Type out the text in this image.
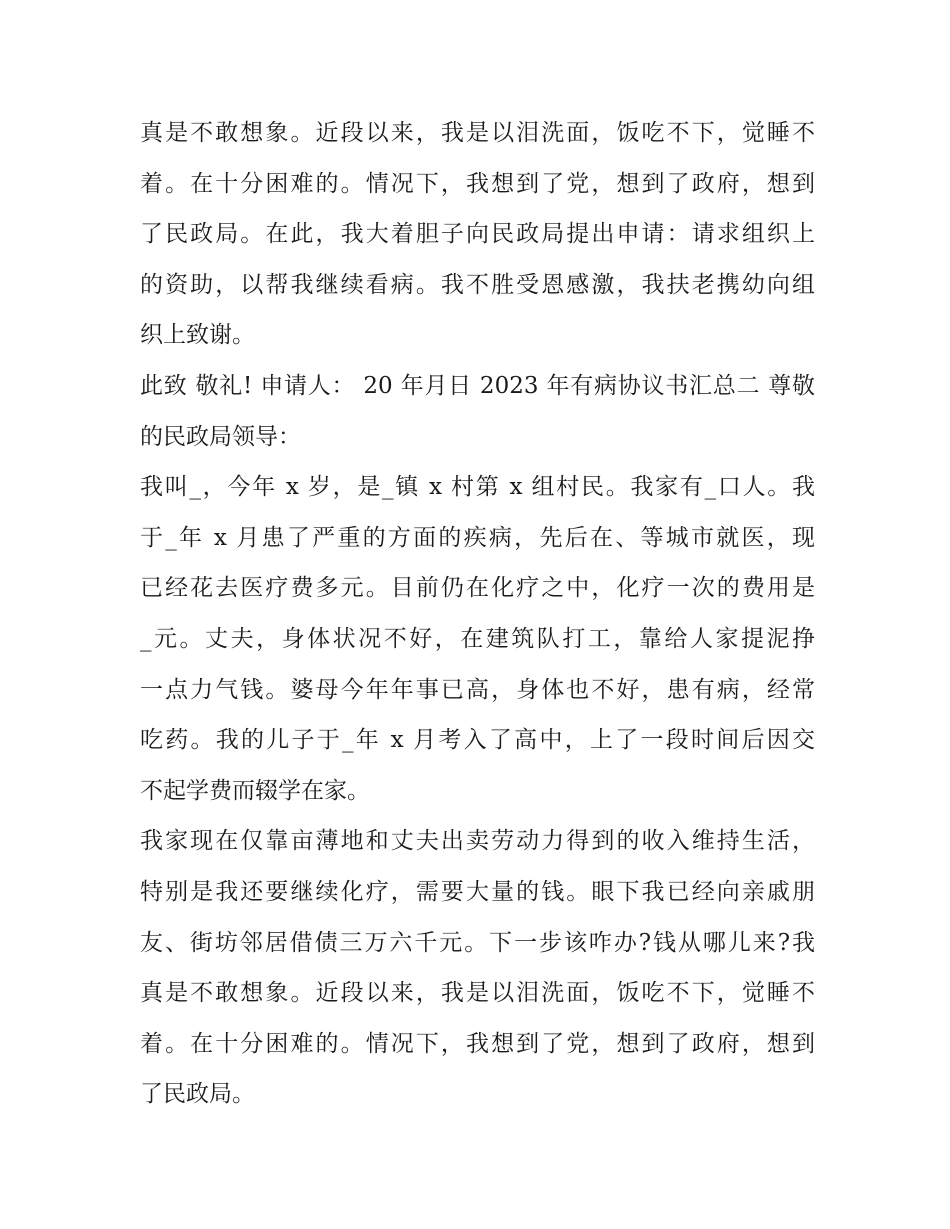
真是不敢想象。近段以来，我是以泪洗面，饭吃不下，觉睡不
着。在十分困难的。情况下，我想到了党，想到了政府，想到
了民政局。在此，我大着胆子向民政局提出申请：请求组织上
的资助，以帮我继续看病。我不胜受恩感激，我扶老携幼向组
织上致谢。
此致 敬礼! 申请人： 20 年月日 2023 年有病协议书汇总二 尊敬
的民政局领导：
我叫_，今年 x 岁，是_镇 x 村第 x 组村民。我家有_口人。我
于_年 x 月患了严重的方面的疾病，先后在、等城市就医，现
已经花去医疗费多元。目前仍在化疗之中，化疗一次的费用是
_元。丈夫，身体状况不好，在建筑队打工，靠给人家提泥挣
一点力气钱。婆母今年年事已高，身体也不好，患有病，经常
吃药。我的儿子于_年 x 月考入了高中，上了一段时间后因交
不起学费而辍学在家。
我家现在仅靠亩薄地和丈夫出卖劳动力得到的收入维持生活，
特别是我还要继续化疗，需要大量的钱。眼下我已经向亲戚朋
友、街坊邻居借债三万六千元。下一步该咋办?钱从哪儿来?我
真是不敢想象。近段以来，我是以泪洗面，饭吃不下，觉睡不
着。在十分困难的。情况下，我想到了党，想到了政府，想到
了民政局。
